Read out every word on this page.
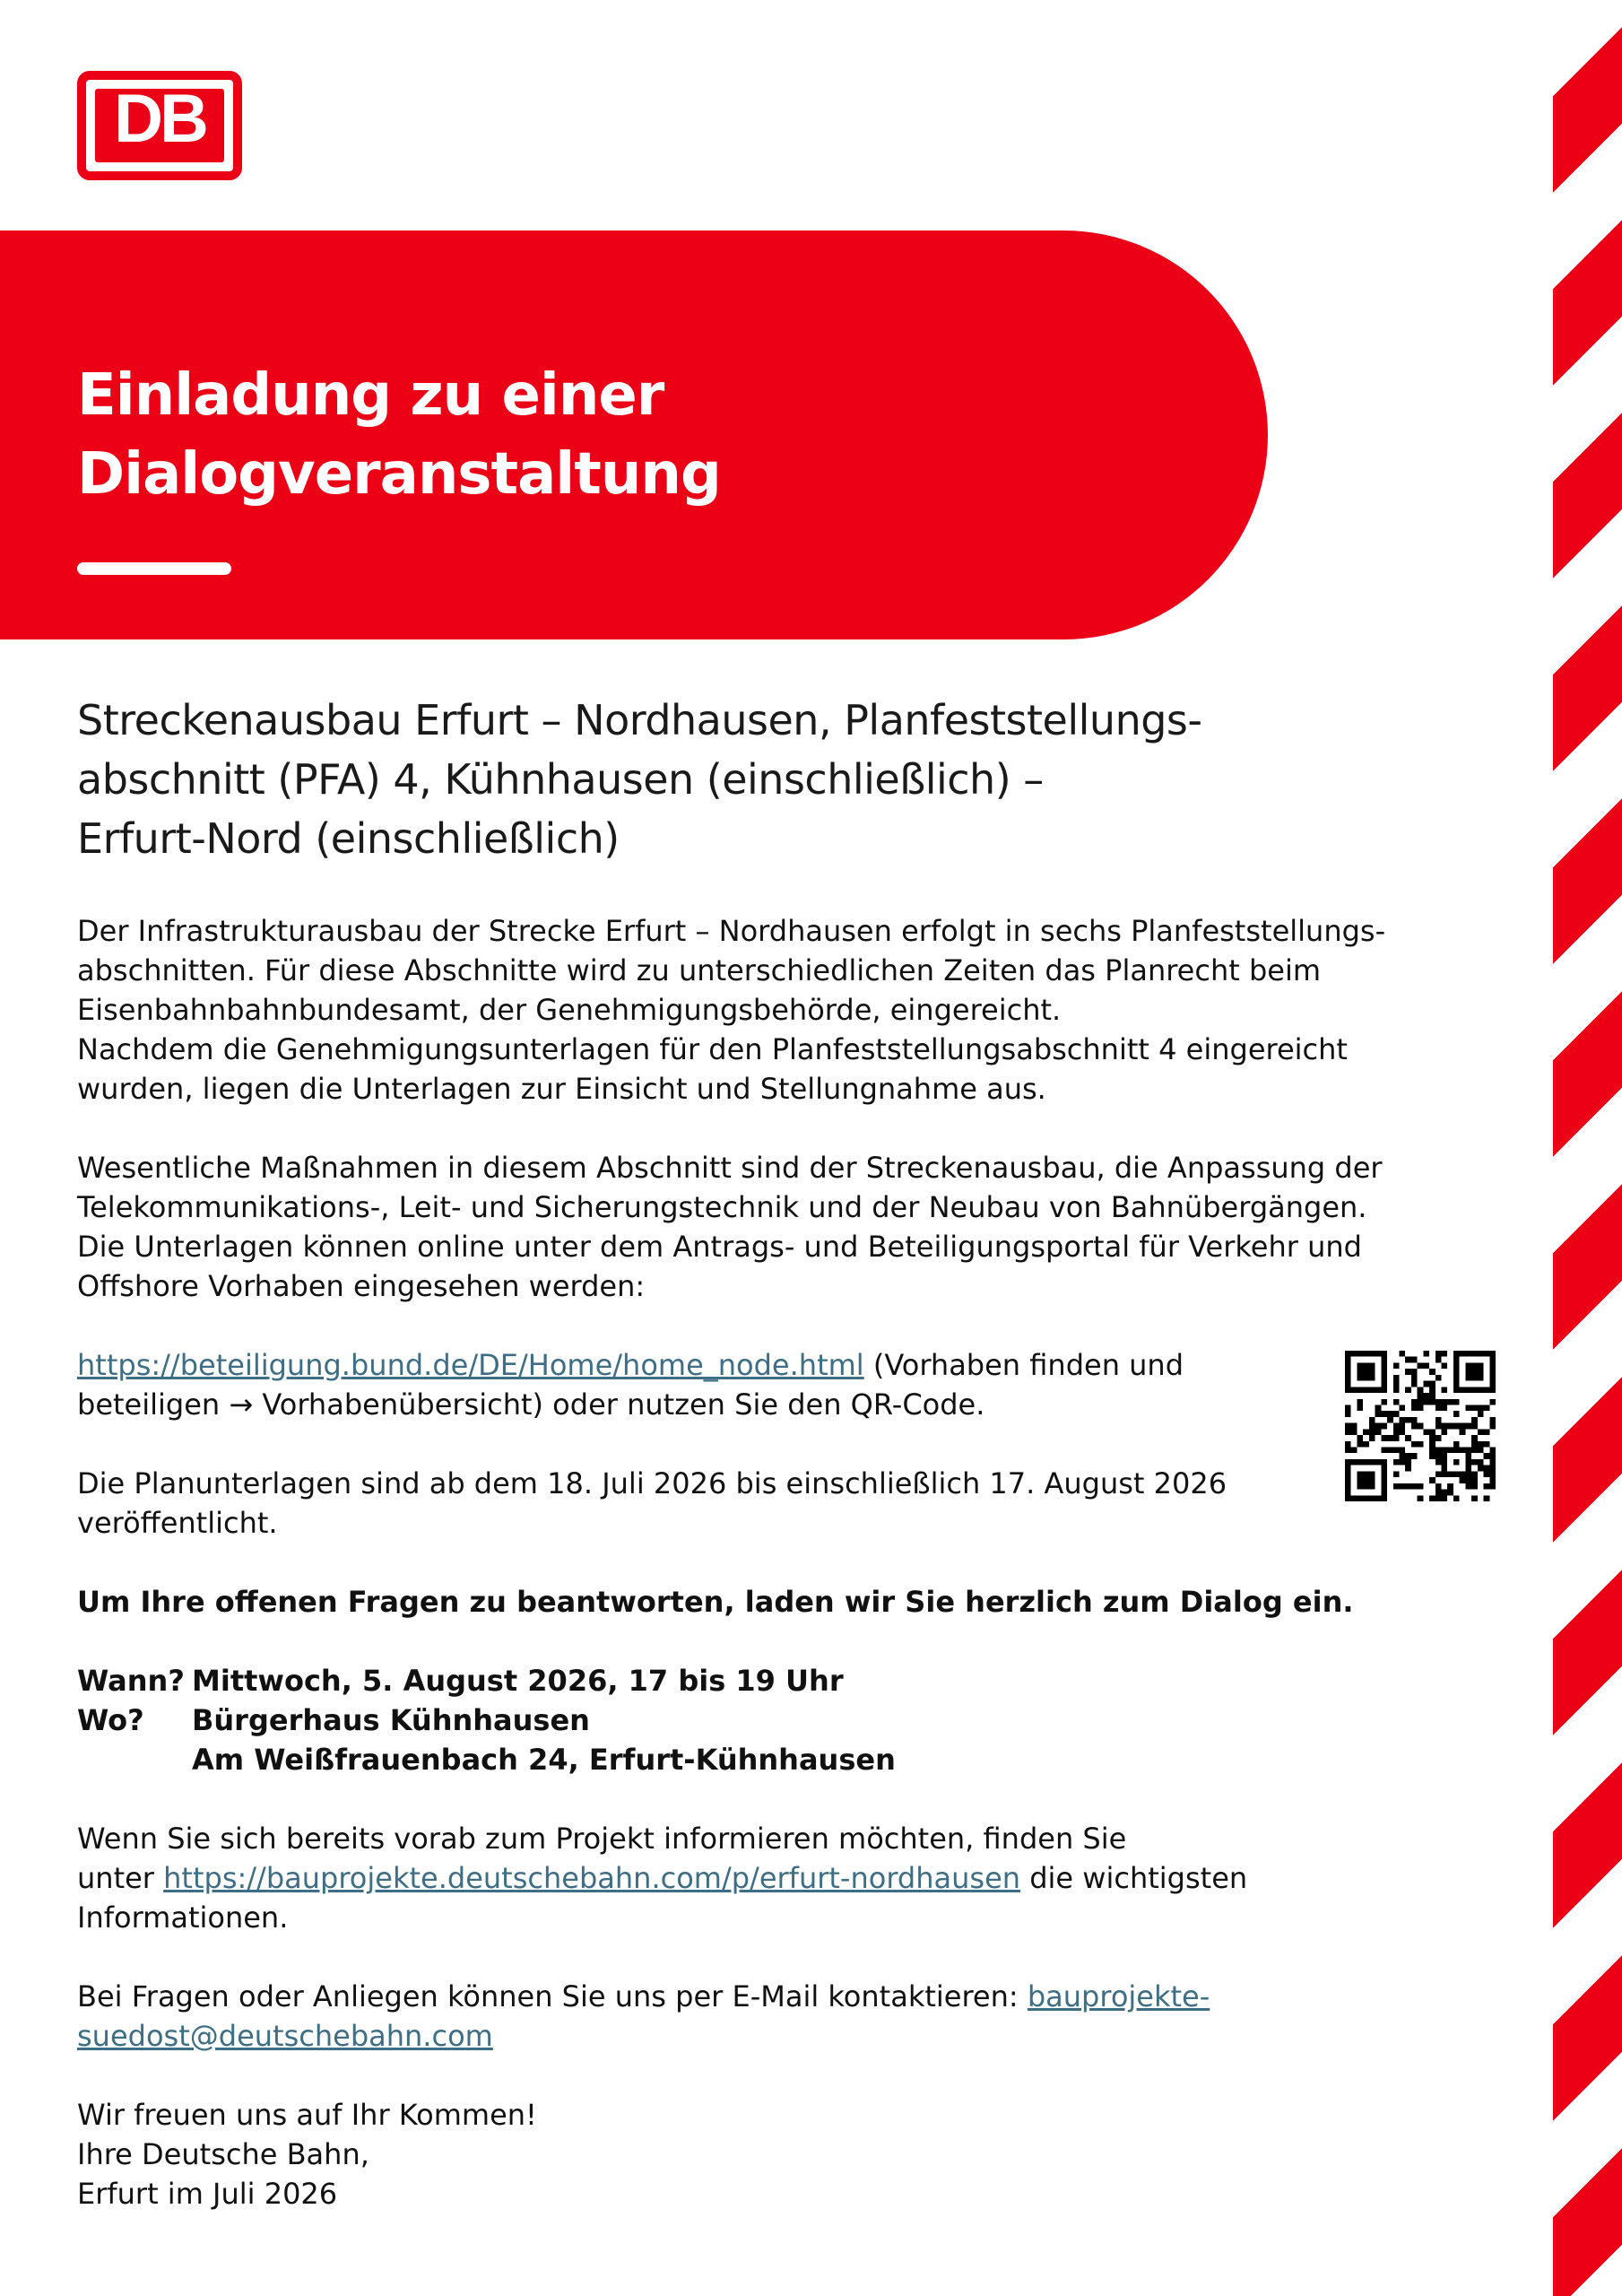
DB
Einladung zu einer
Dialogveranstaltung
Streckenausbau Erfurt – Nordhausen, Planfeststellungs-
abschnitt (PFA) 4, Kühnhausen (einschließlich) –
Erfurt-Nord (einschließlich)

Der Infrastrukturausbau der Strecke Erfurt – Nordhausen erfolgt in sechs Planfeststellungs-
abschnitten. Für diese Abschnitte wird zu unterschiedlichen Zeiten das Planrecht beim
Eisenbahnbahnbundesamt, der Genehmigungsbehörde, eingereicht.
Nachdem die Genehmigungsunterlagen für den Planfeststellungsabschnitt 4 eingereicht
wurden, liegen die Unterlagen zur Einsicht und Stellungnahme aus.

Wesentliche Maßnahmen in diesem Abschnitt sind der Streckenausbau, die Anpassung der
Telekommunikations-, Leit- und Sicherungstechnik und der Neubau von Bahnübergängen.
Die Unterlagen können online unter dem Antrags- und Beteiligungsportal für Verkehr und
Offshore Vorhaben eingesehen werden:

https://beteiligung.bund.de/DE/Home/home_node.html (Vorhaben finden und
beteiligen → Vorhabenübersicht) oder nutzen Sie den QR-Code.

Die Planunterlagen sind ab dem 18. Juli 2026 bis einschließlich 17. August 2026
veröffentlicht.

Um Ihre offenen Fragen zu beantworten, laden wir Sie herzlich zum Dialog ein.

Wann? Mittwoch, 5. August 2026, 17 bis 19 Uhr
Wo? Bürgerhaus Kühnhausen
Am Weißfrauenbach 24, Erfurt-Kühnhausen

Wenn Sie sich bereits vorab zum Projekt informieren möchten, finden Sie
unter https://bauprojekte.deutschebahn.com/p/erfurt-nordhausen die wichtigsten
Informationen.

Bei Fragen oder Anliegen können Sie uns per E-Mail kontaktieren: bauprojekte-
suedost@deutschebahn.com

Wir freuen uns auf Ihr Kommen!
Ihre Deutsche Bahn,
Erfurt im Juli 2026
